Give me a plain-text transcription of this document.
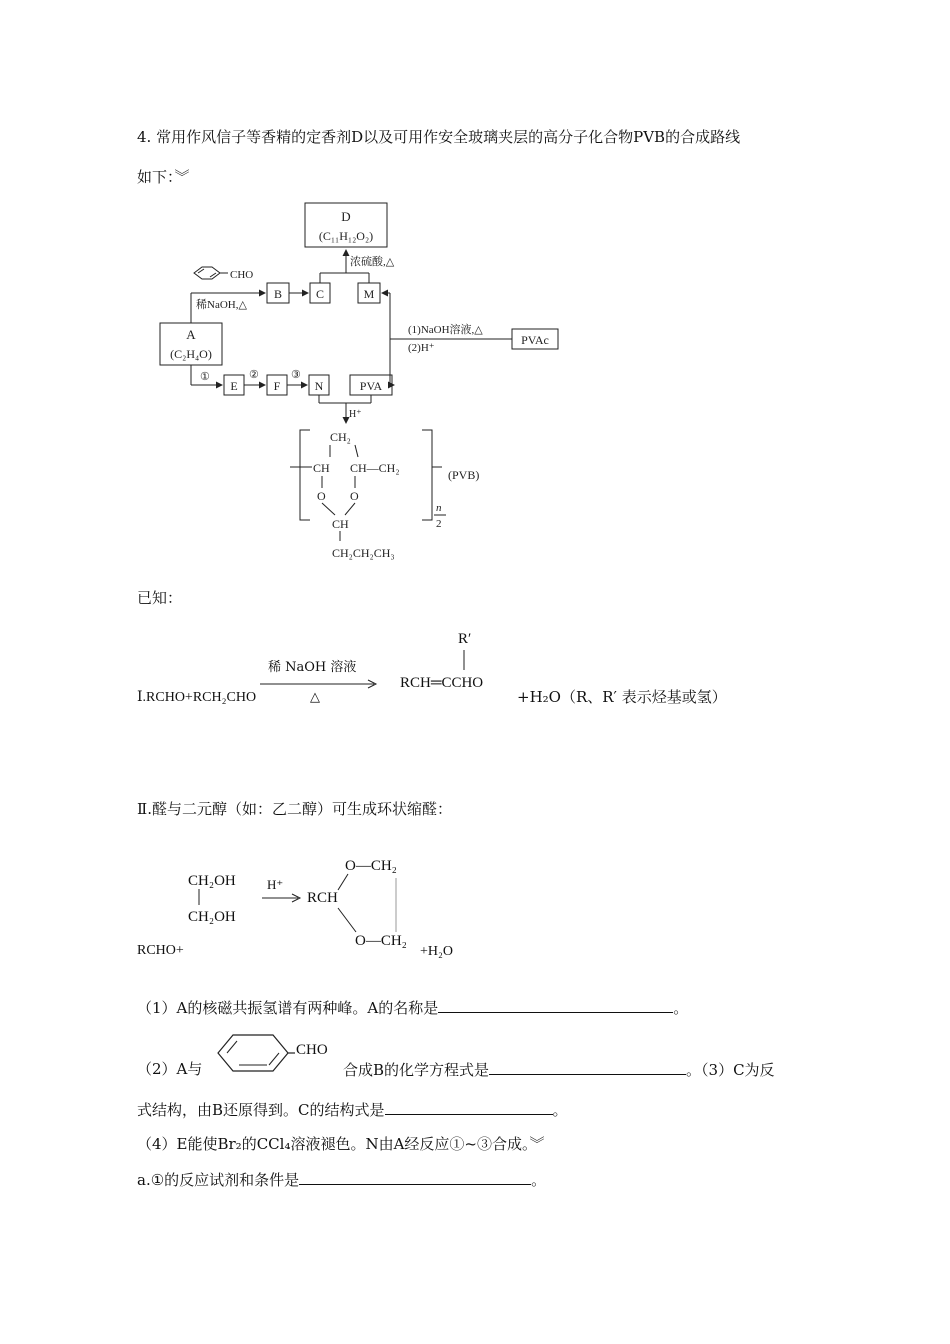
4. 常用作风信子等香精的定香剂D以及可用作安全玻璃夹层的高分子化合物PVB的合成路线
如下：︾
D
(C₁₁H₁₂O₂)
浓硫酸,△
CHO
稀NaOH,△
B	C	M
A
(C₂H₄O)
(1)NaOH溶液,△
(2)H⁺
PVAc
①	②	③
E	F	N	PVA
H⁺
CH₂
CH CH—CH₂
O O
CH
CH₂CH₂CH₃
n
2
(PVB)
已知：
Ⅰ.RCHO+RCH₂CHO
稀 NaOH 溶液
△
R′
RCH═CCHO
+H₂O（R、R′ 表示烃基或氢）
Ⅱ.醛与二元醇（如：乙二醇）可生成环状缩醛：
CH₂OH
CH₂OH
H⁺
RCH
O—CH₂
O—CH₂
RCHO+	+H₂O
（1）A的核磁共振氢谱有两种峰。A的名称是	。
（2）A与
CHO
合成B的化学方程式是	。（3）C为反
式结构，由B还原得到。C的结构式是	。
（4）E能使Br₂的CCl₄溶液褪色。N由A经反应①~③合成。︾
a.①的反应试剂和条件是	。
